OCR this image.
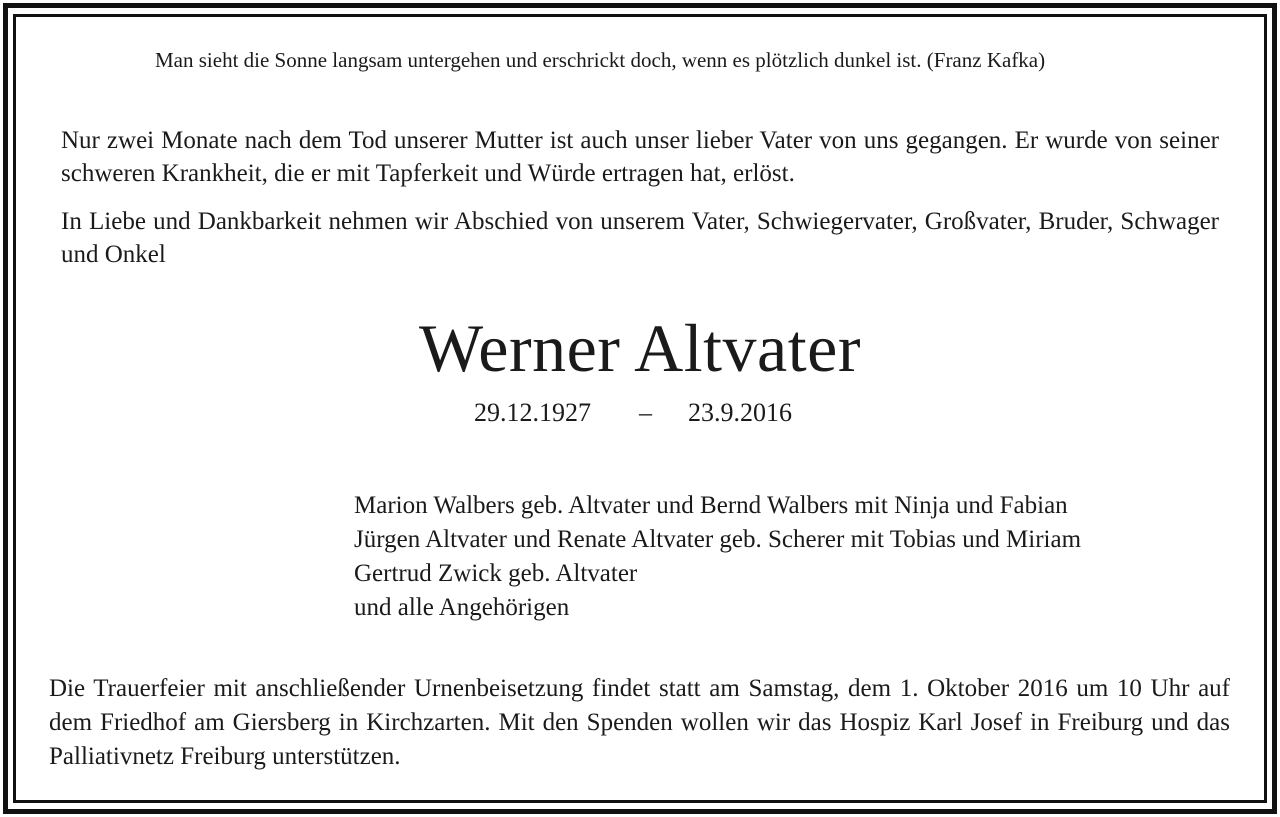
Man sieht die Sonne langsam untergehen und erschrickt doch, wenn es plötzlich dunkel ist. (Franz Kafka)
Nur zwei Monate nach dem Tod unserer Mutter ist auch unser lieber Vater von uns gegangen. Er wurde von seiner schweren Krankheit, die er mit Tapferkeit und Würde ertragen hat, erlöst.
In Liebe und Dankbarkeit nehmen wir Abschied von unserem Vater, Schwiegervater, Großvater, Bruder, Schwager und Onkel
Werner Altvater
29.12.1927 – 23.9.2016
Marion Walbers geb. Altvater und Bernd Walbers mit Ninja und Fabian
Jürgen Altvater und Renate Altvater geb. Scherer mit Tobias und Miriam
Gertrud Zwick geb. Altvater
und alle Angehörigen
Die Trauerfeier mit anschließender Urnenbeisetzung findet statt am Samstag, dem 1. Oktober 2016 um 10 Uhr auf dem Friedhof am Giersberg in Kirchzarten. Mit den Spenden wollen wir das Hospiz Karl Josef in Freiburg und das Palliativnetz Freiburg unterstützen.
